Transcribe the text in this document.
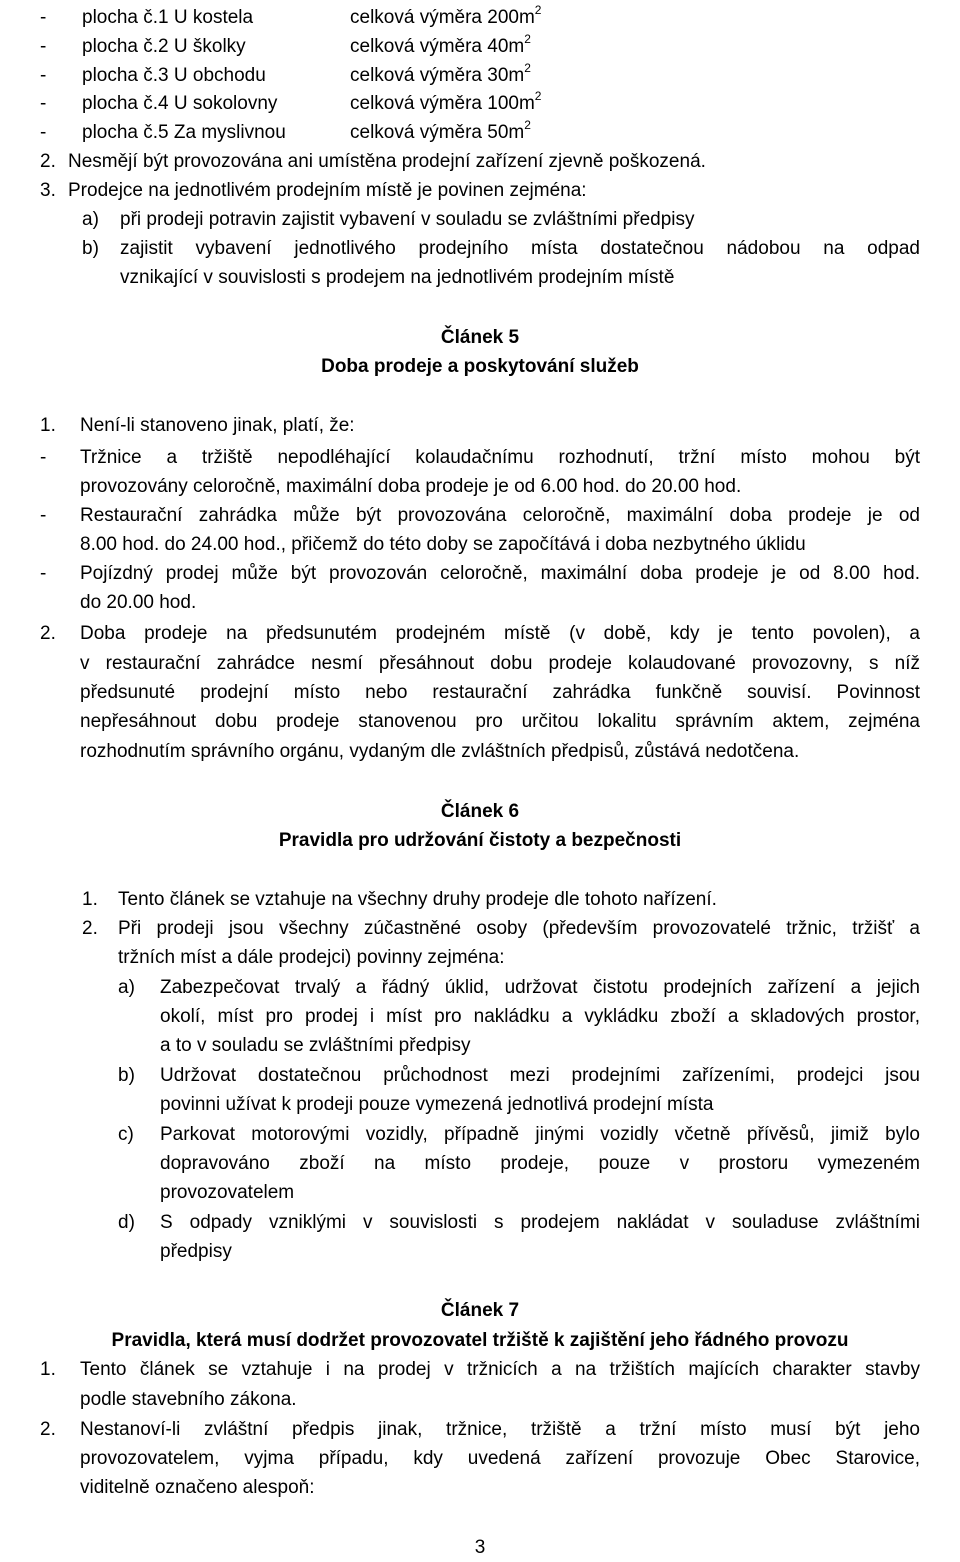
- plocha č.1 U kostela	celková výměra $200m^2$
- plocha č.2 U školky	celková výměra $40m^2$
- plocha č.3 U obchodu	celková výměra $30m^2$
- plocha č.4 U sokolovny	celková výměra $100m^2$
- plocha č.5 Za myslivnou	celková výměra $50m^2$
2. Nesmějí být provozována ani umístěna prodejní zařízení zjevně poškozená.
3. Prodejce na jednotlivém prodejním místě je povinen zejména:
a) při prodeji potravin zajistit vybavení v souladu se zvláštními předpisy
b) zajistit vybavení jednotlivého prodejního místa dostatečnou nádobou na odpad
vznikající v souvislosti s prodejem na jednotlivém prodejním místě
Článek 5
Doba prodeje a poskytování služeb
1. Není-li stanoveno jinak, platí, že:
- Tržnice a tržiště nepodléhající kolaudačnímu rozhodnutí, tržní místo mohou být
provozovány celoročně, maximální doba prodeje je od 6.00 hod. do 20.00 hod.
- Restaurační zahrádka může být provozována celoročně, maximální doba prodeje je od
8.00 hod. do 24.00 hod., přičemž do této doby se započítává i doba nezbytného úklidu
- Pojízdný prodej může být provozován celoročně, maximální doba prodeje je od 8.00 hod.
do 20.00 hod.
2. Doba prodeje na předsunutém prodejném místě (v době, kdy je tento povolen), a
v restaurační zahrádce nesmí přesáhnout dobu prodeje kolaudované provozovny, s níž
předsunuté prodejní místo nebo restaurační zahrádka funkčně souvisí. Povinnost
nepřesáhnout dobu prodeje stanovenou pro určitou lokalitu správním aktem, zejména
rozhodnutím správního orgánu, vydaným dle zvláštních předpisů, zůstává nedotčena.
Článek 6
Pravidla pro udržování čistoty a bezpečnosti
1. Tento článek se vztahuje na všechny druhy prodeje dle tohoto nařízení.
2. Při prodeji jsou všechny zúčastněné osoby (především provozovatelé tržnic, tržišť a
tržních míst a dále prodejci) povinny zejména:
a) Zabezpečovat trvalý a řádný úklid, udržovat čistotu prodejních zařízení a jejich
okolí, míst pro prodej i míst pro nakládku a vykládku zboží a skladových prostor,
a to v souladu se zvláštními předpisy
b) Udržovat dostatečnou průchodnost mezi prodejními zařízeními, prodejci jsou
povinni užívat k prodeji pouze vymezená jednotlivá prodejní místa
c) Parkovat motorovými vozidly, případně jinými vozidly včetně přívěsů, jimiž bylo
dopravováno zboží na místo prodeje, pouze v prostoru vymezeném
provozovatelem
d) S odpady vzniklými v souvislosti s prodejem nakládat v souladuse zvláštními
předpisy
Článek 7
Pravidla, která musí dodržet provozovatel tržiště k zajištění jeho řádného provozu
1. Tento článek se vztahuje i na prodej v tržnicích a na tržištích majících charakter stavby
podle stavebního zákona.
2. Nestanoví-li zvláštní předpis jinak, tržnice, tržiště a tržní místo musí být jeho
provozovatelem, vyjma případu, kdy uvedená zařízení provozuje Obec Starovice,
viditelně označeno alespoň:
3
